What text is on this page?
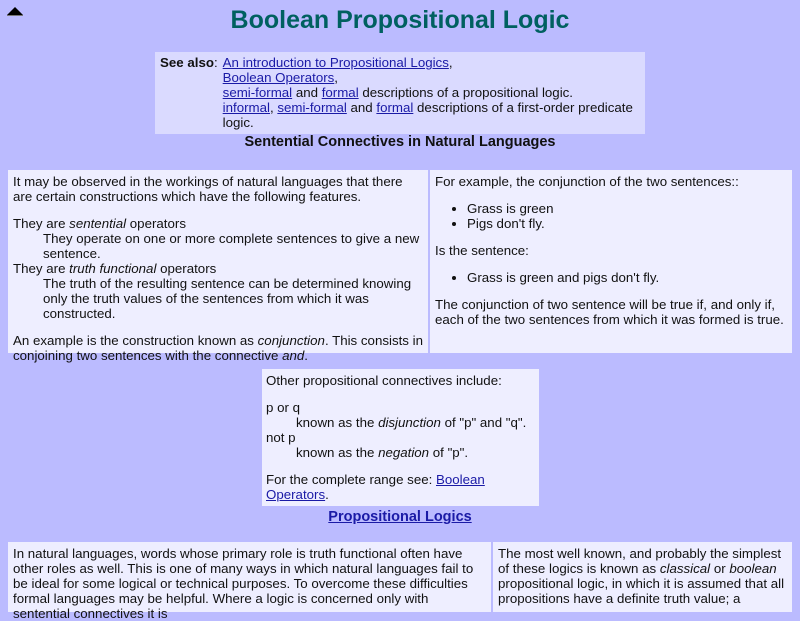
Boolean Propositional Logic
See also: An introduction to Propositional Logics,
Boolean Operators,
semi-formal and formal descriptions of a propositional logic.
informal, semi-formal and formal descriptions of a first-order predicate logic.
Sentential Connectives in Natural Languages

It may be observed in the workings of natural languages that there are certain constructions which have the following features.

They are sentential operators
They operate on one or more complete sentences to give a new sentence.
They are truth functional operators
The truth of the resulting sentence can be determined knowing only the truth values of the sentences from which it was constructed.
An example is the construction known as conjunction. This consists in conjoining two sentences with the connective and.

For example, the conjunction of the two sentences::

• Grass is green
• Pigs don't fly.

Is the sentence:

• Grass is green and pigs don't fly.

The conjunction of two sentence will be true if, and only if, each of the two sentences from which it was formed is true.

Other propositional connectives include:

p or q
known as the disjunction of "p" and "q".
not p
known as the negation of "p".
For the complete range see: Boolean Operators.
Propositional Logics
In natural languages, words whose primary role is truth functional often have other roles as well. This is one of many ways in which natural languages fail to be ideal for some logical or technical purposes. To overcome these difficulties formal languages may be helpful. Where a logic is concerned only with sentential connectives it is
The most well known, and probably the simplest of these logics is known as classical or boolean propositional logic, in which it is assumed that all propositions have a definite truth value; a
